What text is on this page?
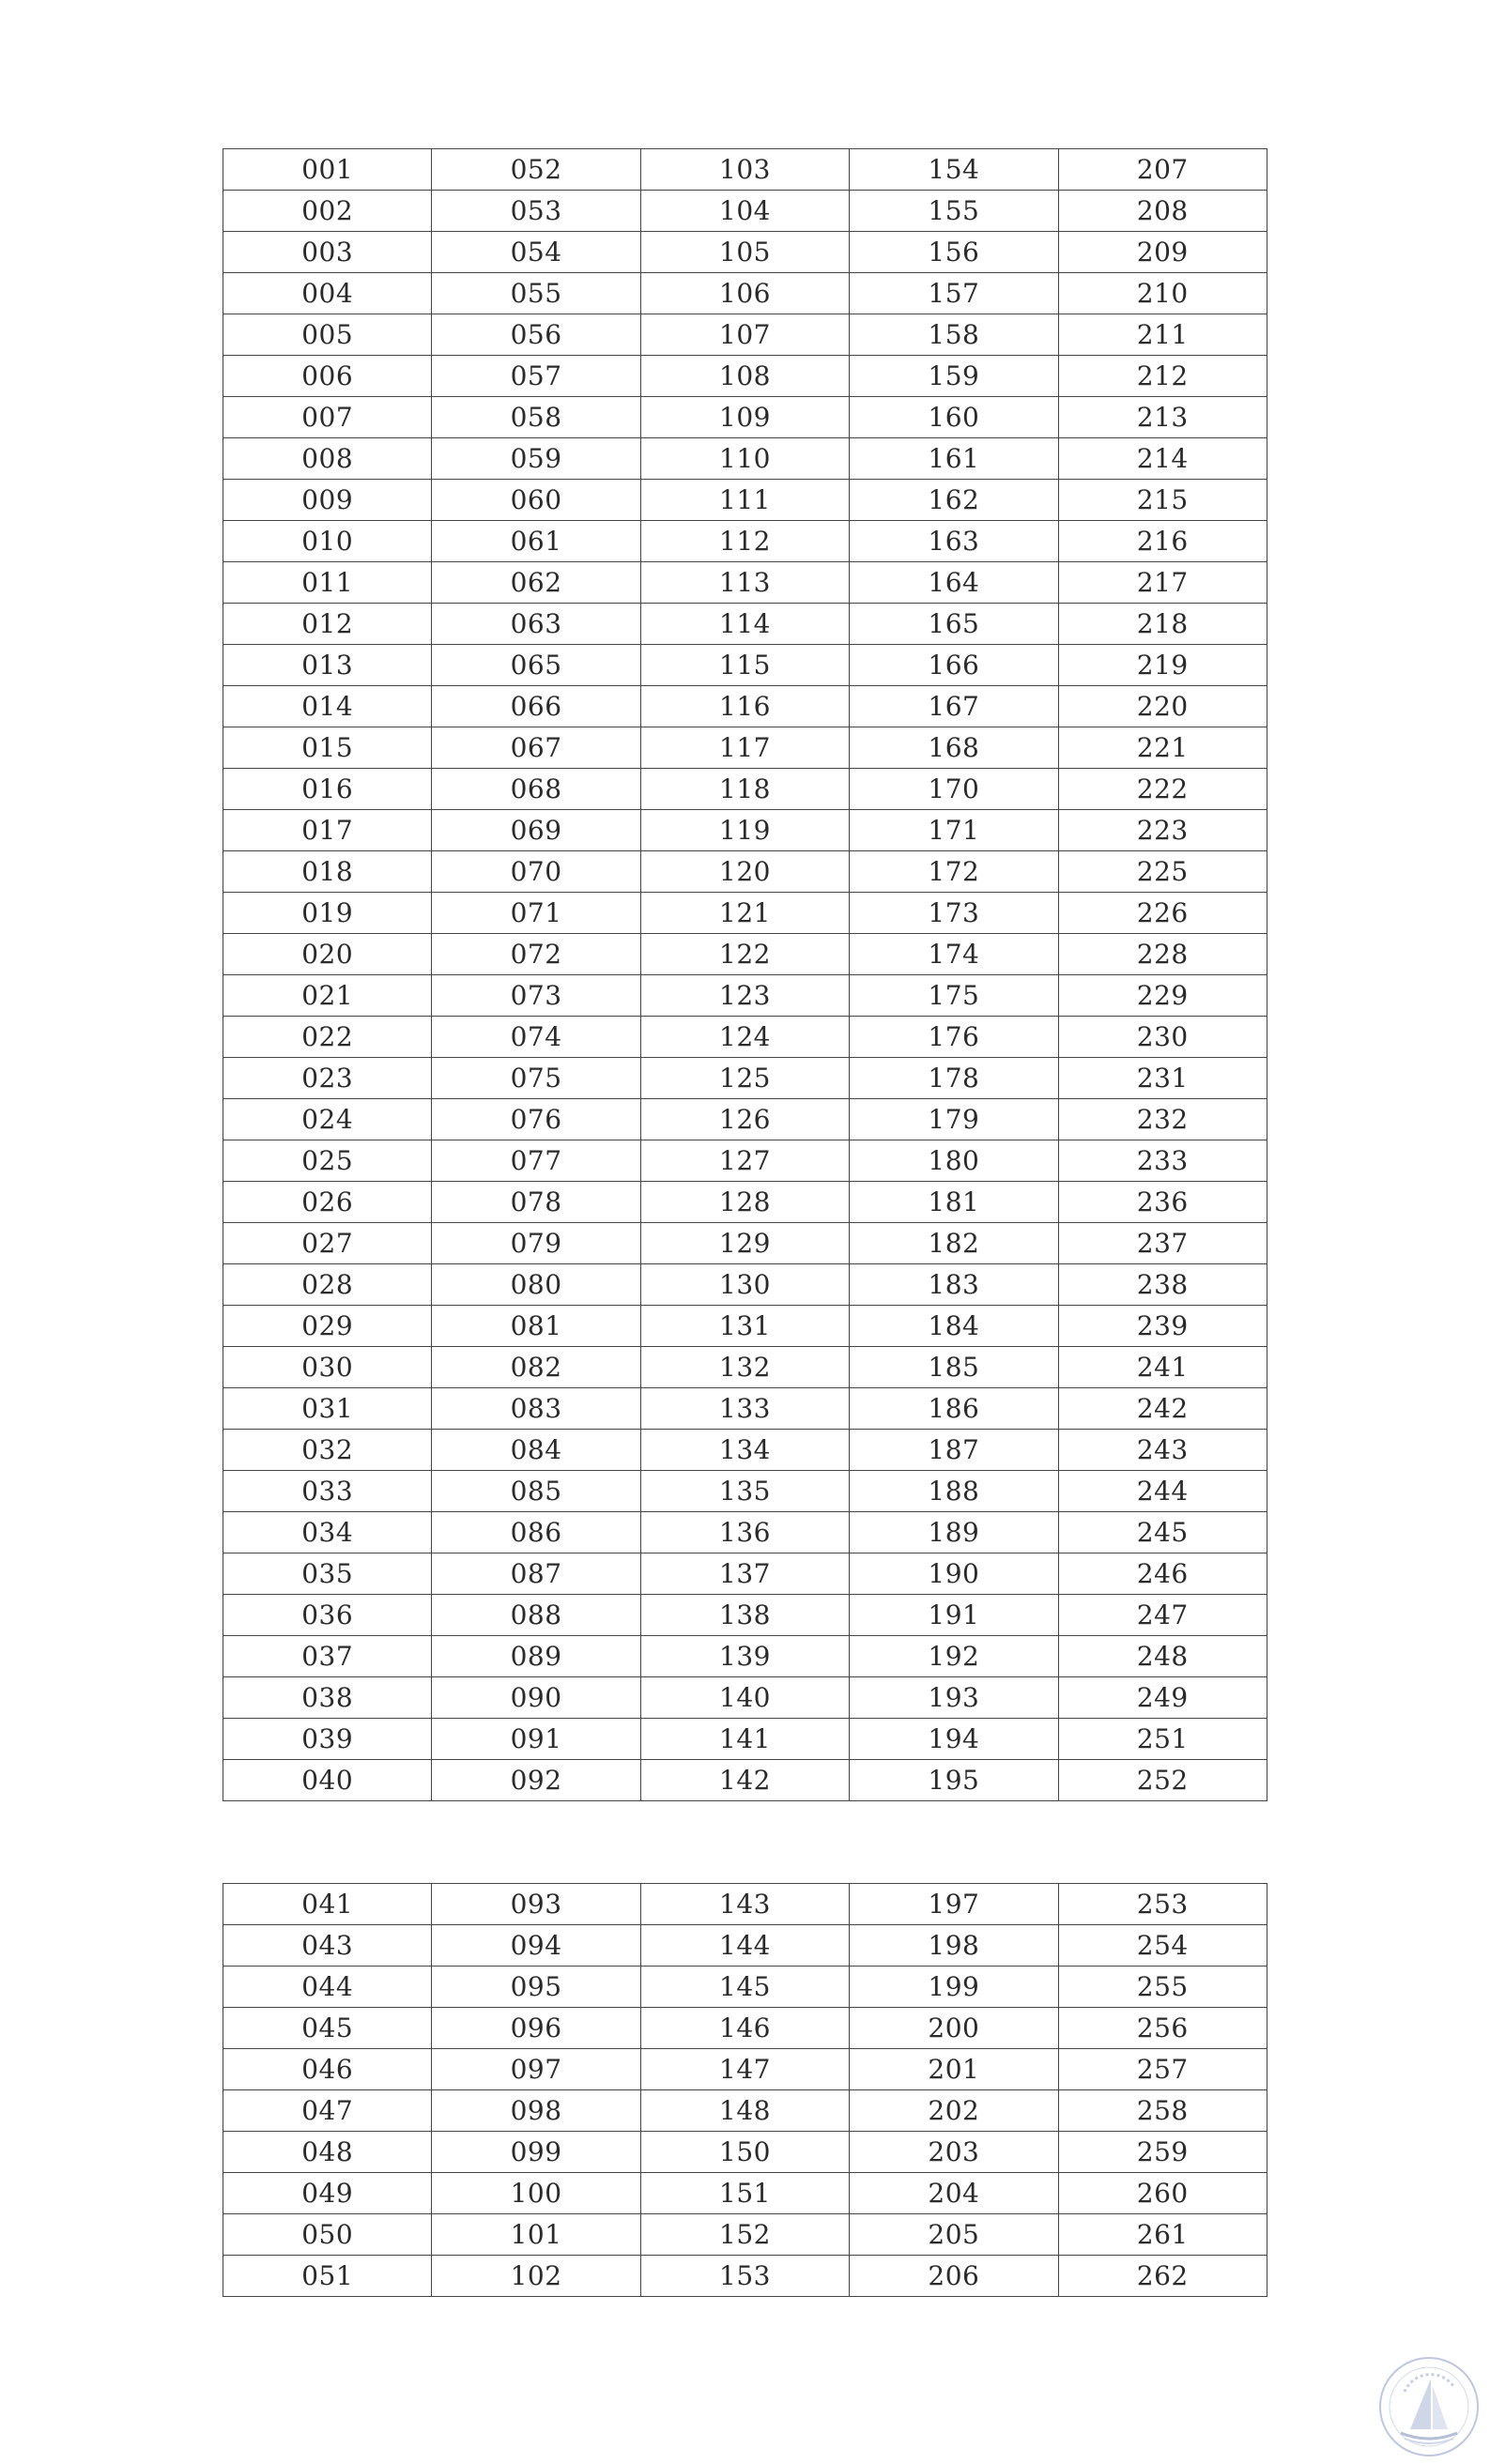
001	052	103	154	207
002	053	104	155	208
003	054	105	156	209
004	055	106	157	210
005	056	107	158	211
006	057	108	159	212
007	058	109	160	213
008	059	110	161	214
009	060	111	162	215
010	061	112	163	216
011	062	113	164	217
012	063	114	165	218
013	065	115	166	219
014	066	116	167	220
015	067	117	168	221
016	068	118	170	222
017	069	119	171	223
018	070	120	172	225
019	071	121	173	226
020	072	122	174	228
021	073	123	175	229
022	074	124	176	230
023	075	125	178	231
024	076	126	179	232
025	077	127	180	233
026	078	128	181	236
027	079	129	182	237
028	080	130	183	238
029	081	131	184	239
030	082	132	185	241
031	083	133	186	242
032	084	134	187	243
033	085	135	188	244
034	086	136	189	245
035	087	137	190	246
036	088	138	191	247
037	089	139	192	248
038	090	140	193	249
039	091	141	194	251
040	092	142	195	252
041	093	143	197	253
043	094	144	198	254
044	095	145	199	255
045	096	146	200	256
046	097	147	201	257
047	098	148	202	258
048	099	150	203	259
049	100	151	204	260
050	101	152	205	261
051	102	153	206	262
